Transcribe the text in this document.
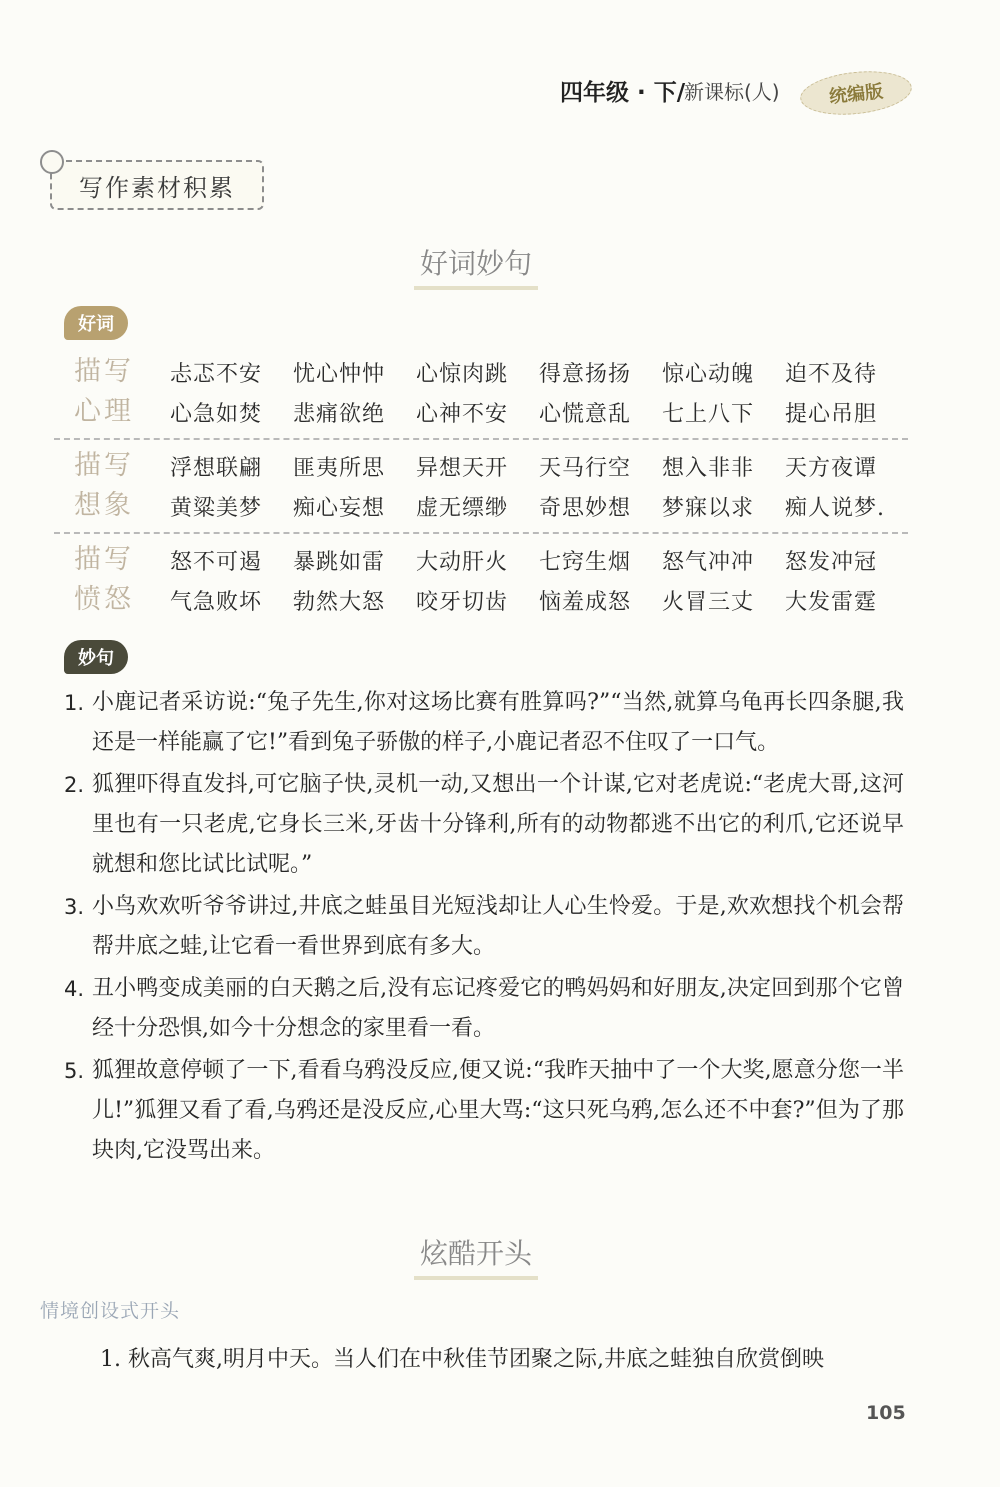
四年级 · 下/
新课标(人)	统编版
写作素材积累
好词妙句
好词
描写
心理
忐忑不安	忧心忡忡	心惊肉跳	得意扬扬	惊心动魄	迫不及待
心急如焚	悲痛欲绝	心神不安	心慌意乱	七上八下	提心吊胆
描写
想象
浮想联翩	匪夷所思	异想天开	天马行空	想入非非	天方夜谭
黄粱美梦	痴心妄想	虚无缥缈	奇思妙想	梦寐以求	痴人说梦.
描写
愤怒
怒不可遏	暴跳如雷	大动肝火	七窍生烟	怒气冲冲	怒发冲冠
气急败坏	勃然大怒	咬牙切齿	恼羞成怒	火冒三丈	大发雷霆
妙句
1. 小鹿记者采访说:“兔子先生,你对这场比赛有胜算吗?”“当然,就算乌龟再长四条腿,我还是一样能赢了它!”看到兔子骄傲的样子,小鹿记者忍不住叹了一口气。
2. 狐狸吓得直发抖,可它脑子快,灵机一动,又想出一个计谋,它对老虎说:“老虎大哥,这河里也有一只老虎,它身长三米,牙齿十分锋利,所有的动物都逃不出它的利爪,它还说早就想和您比试比试呢。”
3. 小鸟欢欢听爷爷讲过,井底之蛙虽目光短浅却让人心生怜爱。于是,欢欢想找个机会帮帮井底之蛙,让它看一看世界到底有多大。
4. 丑小鸭变成美丽的白天鹅之后,没有忘记疼爱它的鸭妈妈和好朋友,决定回到那个它曾经十分恐惧,如今十分想念的家里看一看。
5. 狐狸故意停顿了一下,看看乌鸦没反应,便又说:“我昨天抽中了一个大奖,愿意分您一半儿!”狐狸又看了看,乌鸦还是没反应,心里大骂:“这只死乌鸦,怎么还不中套?”但为了那块肉,它没骂出来。
炫酷开头
情境创设式开头
1. 秋高气爽,明月中天。当人们在中秋佳节团聚之际,井底之蛙独自欣赏倒映
105
